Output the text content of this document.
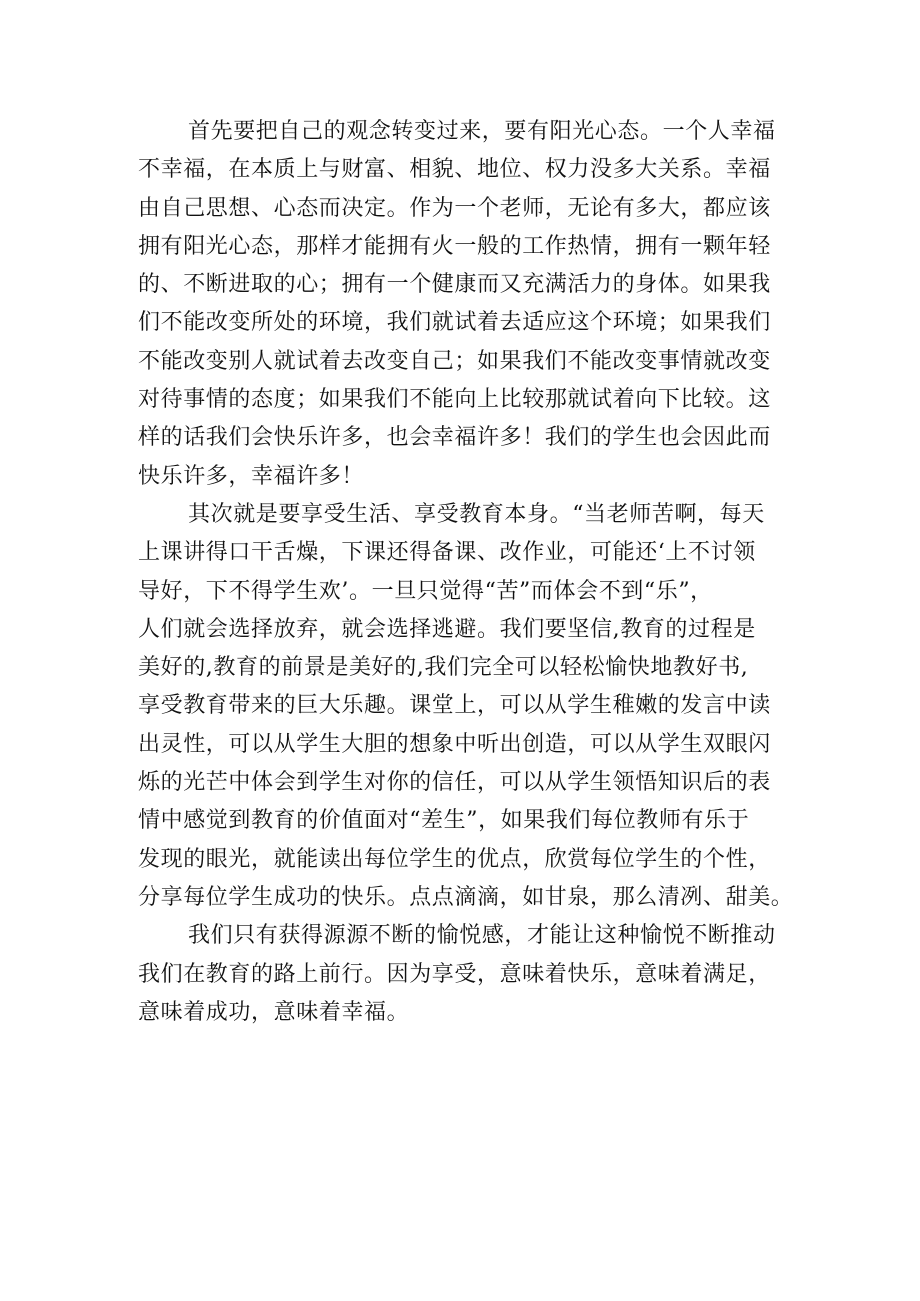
首先要把自己的观念转变过来，要有阳光心态。一个人幸福
不幸福，在本质上与财富、相貌、地位、权力没多大关系。幸福
由自己思想、心态而决定。作为一个老师，无论有多大，都应该
拥有阳光心态，那样才能拥有火一般的工作热情，拥有一颗年轻
的、不断进取的心；拥有一个健康而又充满活力的身体。如果我
们不能改变所处的环境，我们就试着去适应这个环境；如果我们
不能改变别人就试着去改变自己；如果我们不能改变事情就改变
对待事情的态度；如果我们不能向上比较那就试着向下比较。这
样的话我们会快乐许多，也会幸福许多！我们的学生也会因此而
快乐许多，幸福许多！
其次就是要享受生活、享受教育本身。“当老师苦啊，每天
上课讲得口干舌燥，下课还得备课、改作业，可能还‘上不讨领
导好，下不得学生欢’。一旦只觉得“苦”而体会不到“乐”，
人们就会选择放弃，就会选择逃避。我们要坚信,教育的过程是
美好的,教育的前景是美好的,我们完全可以轻松愉快地教好书,
享受教育带来的巨大乐趣。课堂上，可以从学生稚嫩的发言中读
出灵性，可以从学生大胆的想象中听出创造，可以从学生双眼闪
烁的光芒中体会到学生对你的信任，可以从学生领悟知识后的表
情中感觉到教育的价值面对“差生”，如果我们每位教师有乐于
发现的眼光，就能读出每位学生的优点，欣赏每位学生的个性，
分享每位学生成功的快乐。点点滴滴，如甘泉，那么清冽、甜美。
我们只有获得源源不断的愉悦感，才能让这种愉悦不断推动
我们在教育的路上前行。因为享受，意味着快乐，意味着满足，
意味着成功，意味着幸福。
